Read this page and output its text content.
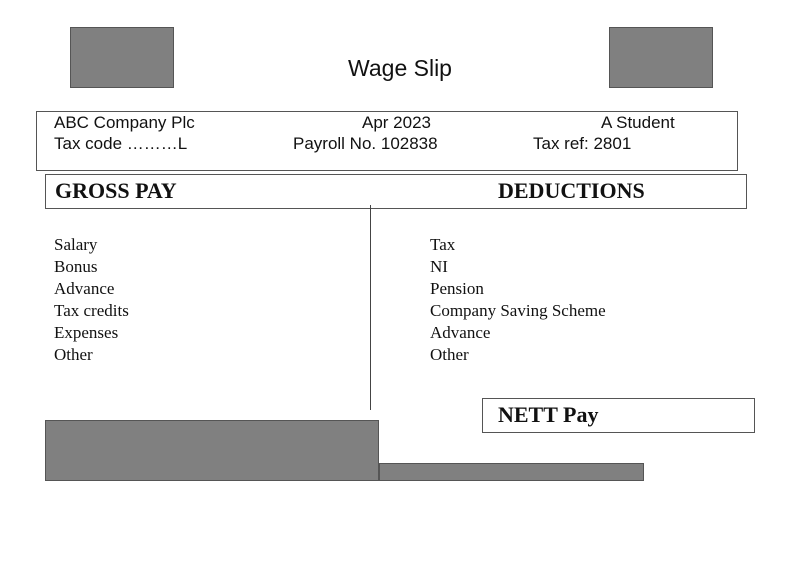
Wage Slip
ABC Company Plc	Apr 2023	A Student
Tax code ………L	Payroll No. 102838	Tax ref: 2801
GROSS PAY	DEDUCTIONS
Salary
Bonus
Advance
Tax credits
Expenses
Other
Tax
NI
Pension
Company Saving Scheme
Advance
Other
NETT Pay
